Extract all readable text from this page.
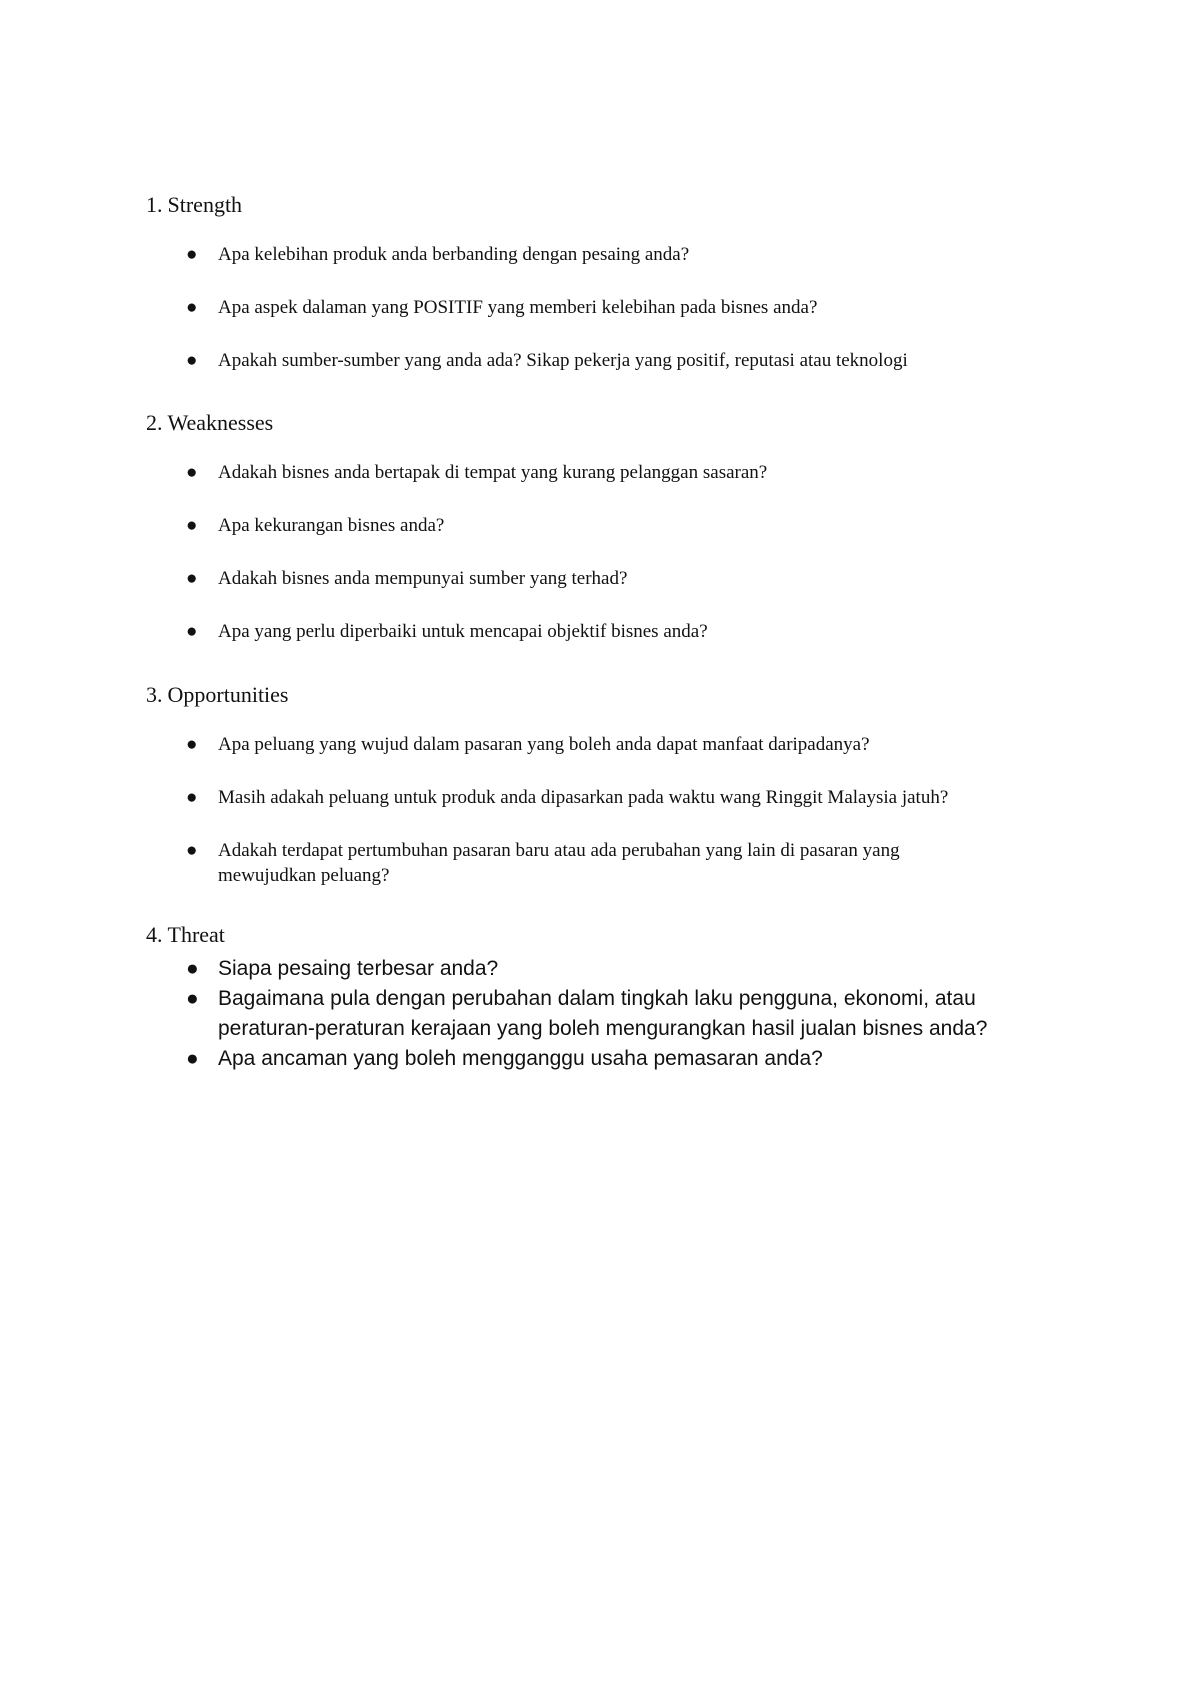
1. Strength
● Apa kelebihan produk anda berbanding dengan pesaing anda?
● Apa aspek dalaman yang POSITIF yang memberi kelebihan pada bisnes anda?
● Apakah sumber-sumber yang anda ada? Sikap pekerja yang positif, reputasi atau teknologi
2. Weaknesses
● Adakah bisnes anda bertapak di tempat yang kurang pelanggan sasaran?
● Apa kekurangan bisnes anda?
● Adakah bisnes anda mempunyai sumber yang terhad?
● Apa yang perlu diperbaiki untuk mencapai objektif bisnes anda?
3. Opportunities
● Apa peluang yang wujud dalam pasaran yang boleh anda dapat manfaat daripadanya?
● Masih adakah peluang untuk produk anda dipasarkan pada waktu wang Ringgit Malaysia jatuh?
● Adakah terdapat pertumbuhan pasaran baru atau ada perubahan yang lain di pasaran yang mewujudkan peluang?
4. Threat
● Siapa pesaing terbesar anda?
● Bagaimana pula dengan perubahan dalam tingkah laku pengguna, ekonomi, atau peraturan-peraturan kerajaan yang boleh mengurangkan hasil jualan bisnes anda?
● Apa ancaman yang boleh mengganggu usaha pemasaran anda?
